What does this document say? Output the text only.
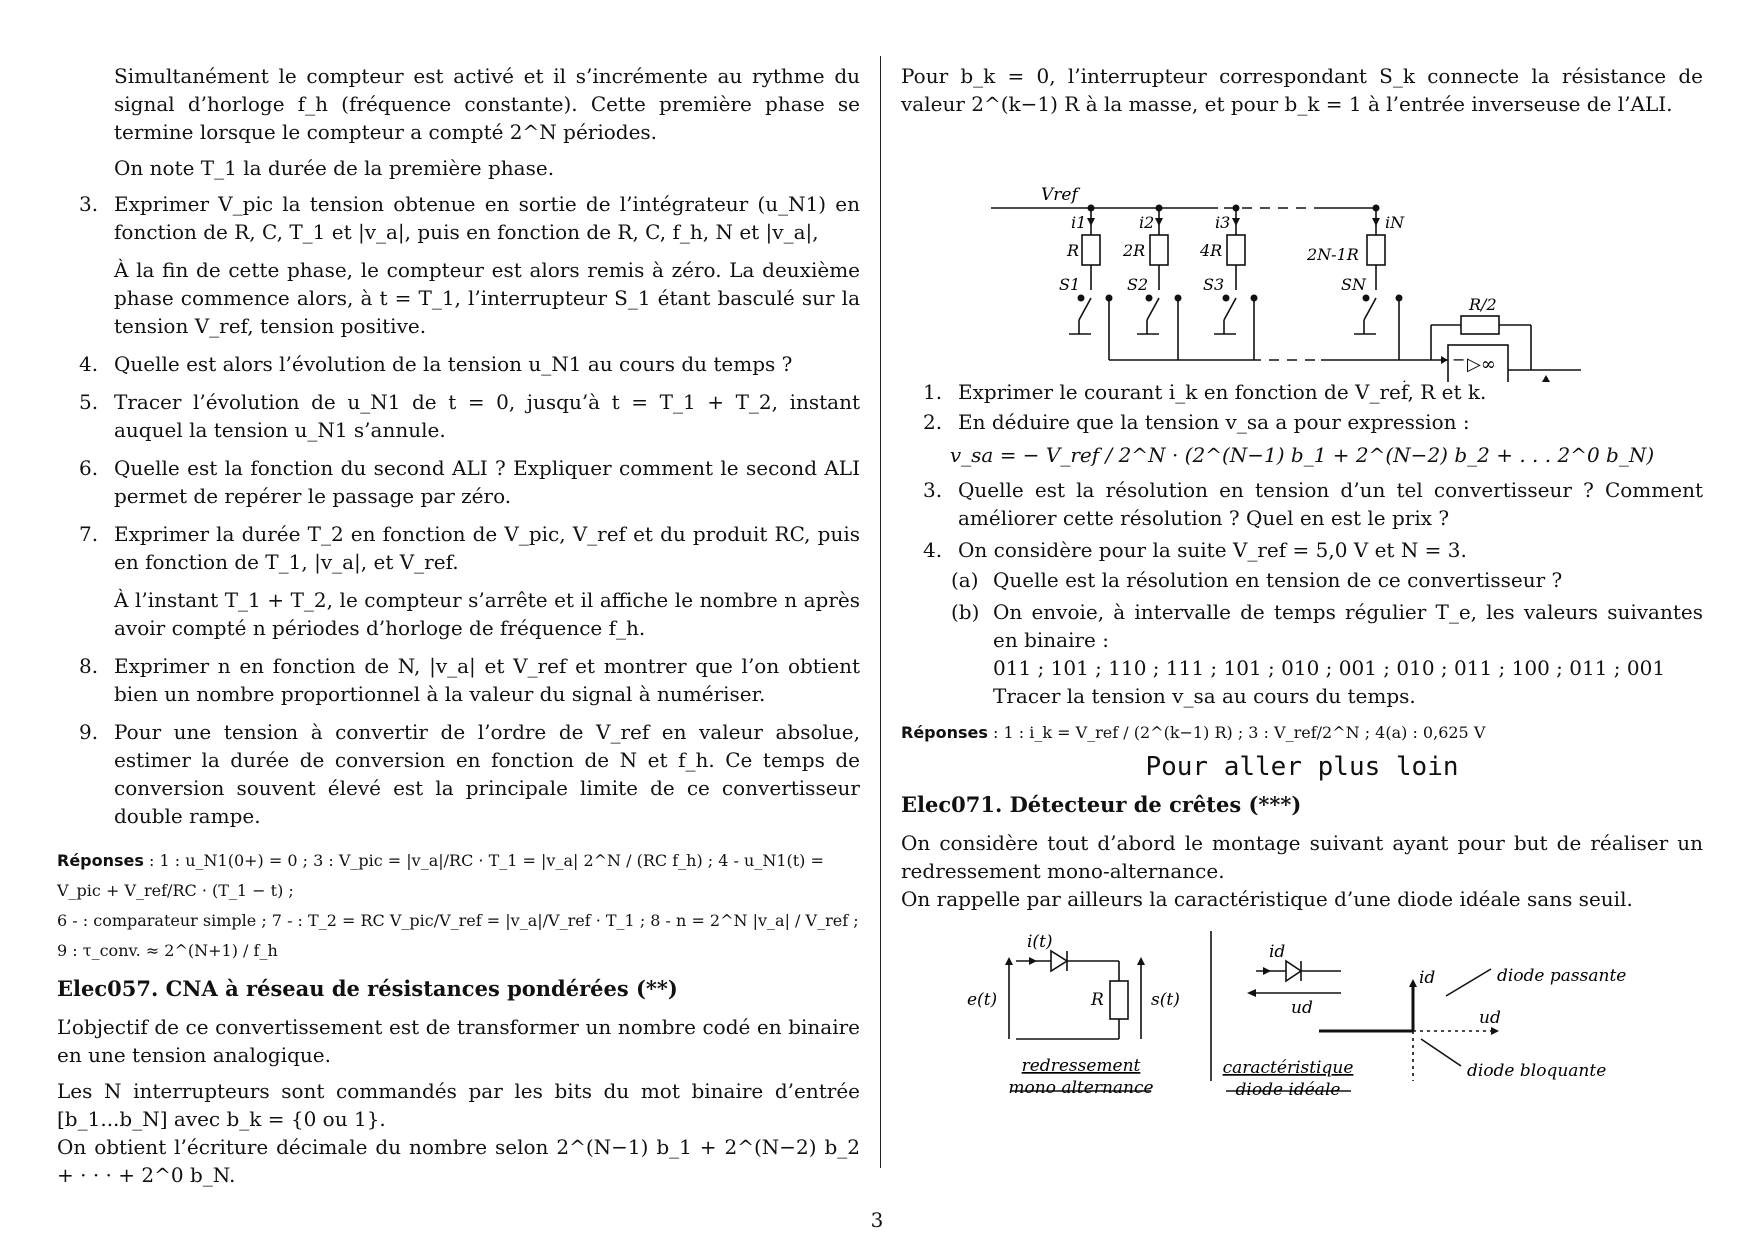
Simultanément le compteur est activé et il s’incrémente au rythme du signal d’horloge f_h (fréquence constante). Cette première phase se termine lorsque le compteur a compté 2^N périodes.

On note T_1 la durée de la première phase.

3. Exprimer V_pic la tension obtenue en sortie de l’intégrateur (u_N1) en fonction de R, C, T_1 et |v_a|, puis en fonction de R, C, f_h, N et |v_a|,
À la fin de cette phase, le compteur est alors remis à zéro. La deuxième phase commence alors, à t = T_1, l’interrupteur S_1 étant basculé sur la tension V_ref, tension positive.
4. Quelle est alors l’évolution de la tension u_N1 au cours du temps ?
5. Tracer l’évolution de u_N1 de t = 0, jusqu’à t = T_1 + T_2, instant auquel la tension u_N1 s’annule.
6. Quelle est la fonction du second ALI ? Expliquer comment le second ALI permet de repérer le passage par zéro.
7. Exprimer la durée T_2 en fonction de V_pic, V_ref et du produit RC, puis en fonction de T_1, |v_a|, et V_ref.
À l’instant T_1 + T_2, le compteur s’arrête et il affiche le nombre n après avoir compté n périodes d’horloge de fréquence f_h.
8. Exprimer n en fonction de N, |v_a| et V_ref et montrer que l’on obtient bien un nombre proportionnel à la valeur du signal à numériser.
9. Pour une tension à convertir de l’ordre de V_ref en valeur absolue, estimer la durée de conversion en fonction de N et f_h. Ce temps de conversion souvent élevé est la principale limite de ce convertisseur double rampe.
Réponses : 1 : u_N1(0+) = 0 ; 3 : V_pic = |v_a|/RC · T_1 = |v_a| 2^N / (RC f_h) ; 4 - u_N1(t) = V_pic + V_ref/RC · (T_1 − t) ;
6 - : comparateur simple ; 7 - : T_2 = RC V_pic/V_ref = |v_a|/V_ref · T_1 ; 8 - n = 2^N |v_a| / V_ref ; 9 : τ_conv. ≈ 2^(N+1) / f_h
Elec057. CNA à réseau de résistances pondérées (**)

L’objectif de ce convertissement est de transformer un nombre codé en binaire en une tension analogique.

Les N interrupteurs sont commandés par les bits du mot binaire d’entrée [b_1...b_N] avec b_k = {0 ou 1}.

On obtient l’écriture décimale du nombre selon 2^(N−1) b_1 + 2^(N−2) b_2 + · · · + 2^0 b_N.

Pour b_k = 0, l’interrupteur correspondant S_k connecte la résistance de valeur 2^(k−1) R à la masse, et pour b_k = 1 à l’entrée inverseuse de l’ALI.

Vref
i1	i2	i3	iN
R	2R	4R	2N-1R
S1	S2	S3	SN
R/2
− ▷∞
1. Exprimer le courant i_k en fonction de V_ref, R et k.
2. En déduire que la tension v_sa a pour expression :
v_sa = − V_ref / 2^N · (2^(N−1) b_1 + 2^(N−2) b_2 + . . . 2^0 b_N)
3. Quelle est la résolution en tension d’un tel convertisseur ? Comment améliorer cette résolution ? Quel en est le prix ?
4. On considère pour la suite V_ref = 5,0 V et N = 3.
(a) Quelle est la résolution en tension de ce convertisseur ?
(b) On envoie, à intervalle de temps régulier T_e, les valeurs suivantes en binaire :
011 ; 101 ; 110 ; 111 ; 101 ; 010 ; 001 ; 010 ; 011 ; 100 ; 011 ; 001
Tracer la tension v_sa au cours du temps.
Réponses : 1 : i_k = V_ref / (2^(k−1) R) ; 3 : V_ref/2^N ; 4(a) : 0,625 V
Pour aller plus loin
Elec071. Détecteur de crêtes (***)

On considère tout d’abord le montage suivant ayant pour but de réaliser un redressement mono-alternance.

On rappelle par ailleurs la caractéristique d’une diode idéale sans seuil.

i(t)
e(t)	R	s(t)
redressement
mono alternance
id
ud
caractéristique
diode idéale
id
ud
diode passante
diode bloquante
3
